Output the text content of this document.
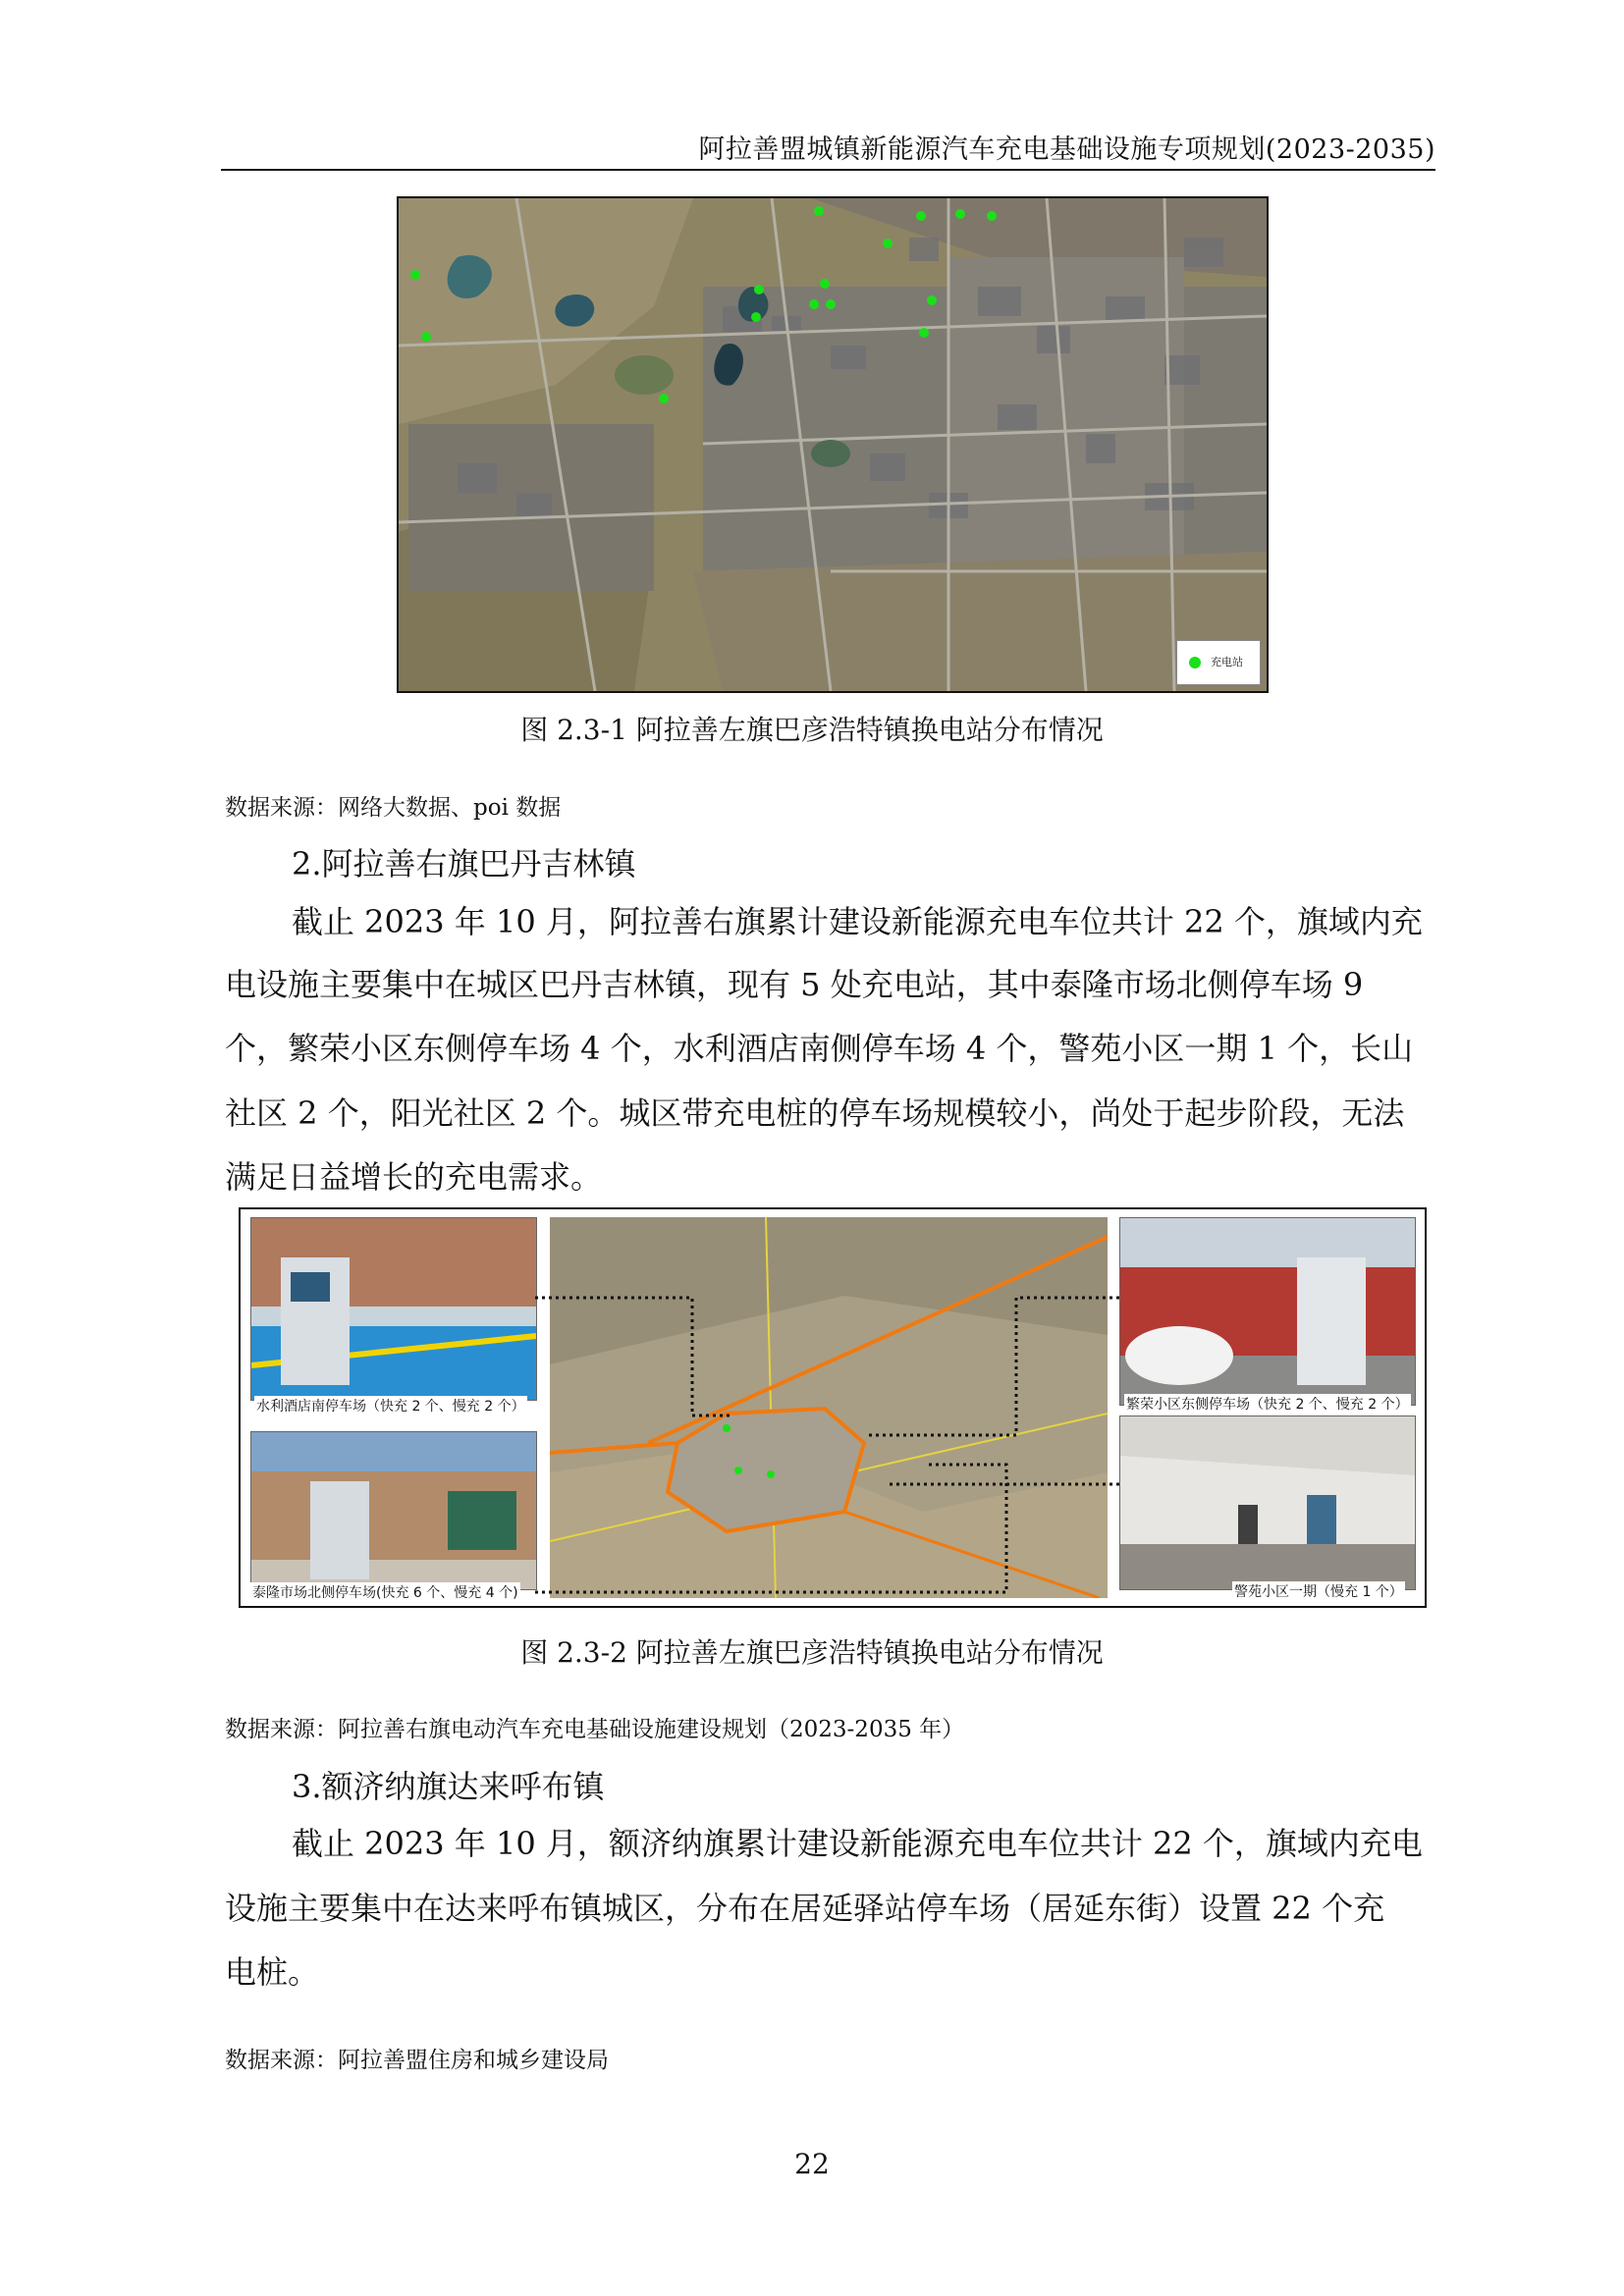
阿拉善盟城镇新能源汽车充电基础设施专项规划(2023-2035)
充电站
图 2.3-1 阿拉善左旗巴彦浩特镇换电站分布情况
数据来源：网络大数据、poi 数据
2.阿拉善右旗巴丹吉林镇
截止 2023 年 10 月，阿拉善右旗累计建设新能源充电车位共计 22 个，旗域内充
电设施主要集中在城区巴丹吉林镇，现有 5 处充电站，其中泰隆市场北侧停车场 9
个，繁荣小区东侧停车场 4 个，水利酒店南侧停车场 4 个，警苑小区一期 1 个，长山
社区 2 个，阳光社区 2 个。城区带充电桩的停车场规模较小，尚处于起步阶段，无法
满足日益增长的充电需求。
水利酒店南停车场（快充 2 个、慢充 2 个）
泰隆市场北侧停车场(快充 6 个、慢充 4 个)
繁荣小区东侧停车场（快充 2 个、慢充 2 个）
警苑小区一期（慢充 1 个）
图 2.3-2 阿拉善左旗巴彦浩特镇换电站分布情况
数据来源：阿拉善右旗电动汽车充电基础设施建设规划（2023-2035 年）
3.额济纳旗达来呼布镇
截止 2023 年 10 月，额济纳旗累计建设新能源充电车位共计 22 个，旗域内充电
设施主要集中在达来呼布镇城区，分布在居延驿站停车场（居延东街）设置 22 个充
电桩。
数据来源：阿拉善盟住房和城乡建设局
22
